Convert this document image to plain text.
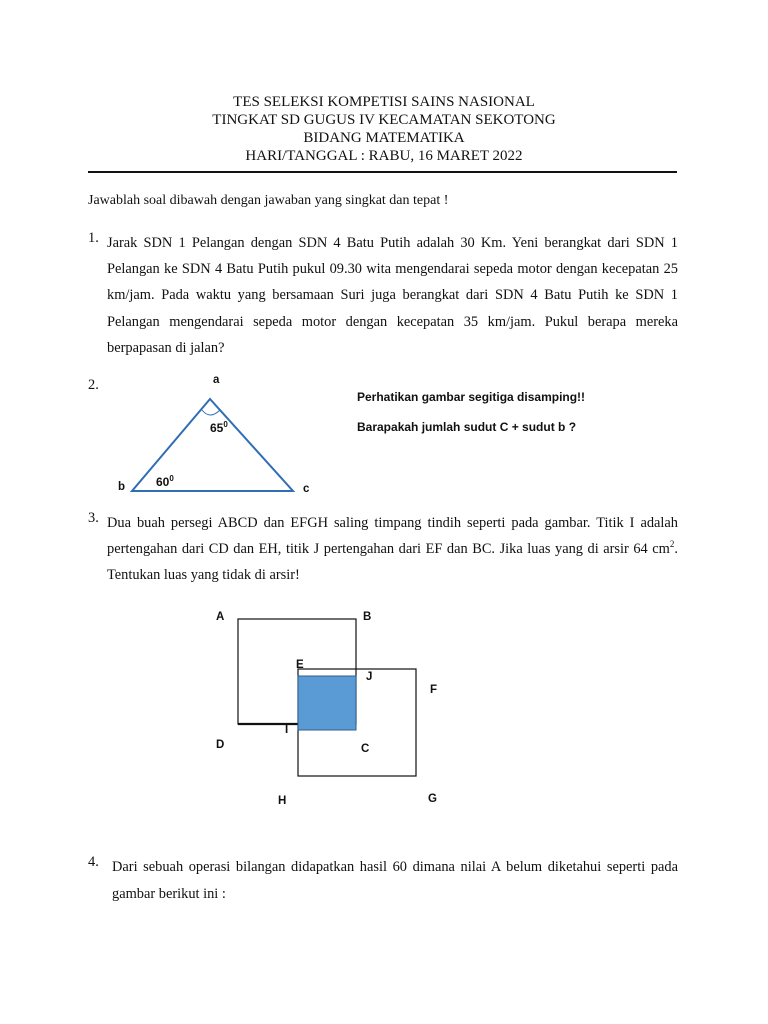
TES SELEKSI KOMPETISI SAINS NASIONAL
TINGKAT SD GUGUS IV KECAMATAN SEKOTONG
BIDANG MATEMATIKA
HARI/TANGGAL : RABU, 16 MARET 2022
Jawablah soal dibawah dengan jawaban yang singkat dan tepat !
1. Jarak SDN 1 Pelangan dengan SDN 4 Batu Putih adalah 30 Km. Yeni berangkat dari SDN 1 Pelangan ke SDN 4 Batu Putih pukul 09.30 wita mengendarai sepeda motor dengan kecepatan 25 km/jam. Pada waktu yang bersamaan Suri juga berangkat dari SDN 4 Batu Putih ke SDN 1 Pelangan mengendarai sepeda motor dengan kecepatan 35 km/jam. Pukul berapa mereka berpapasan di jalan?
2.	a
b	c
$65^0$
$60^0$
Perhatikan gambar segitiga disamping!!
Barapakah jumlah sudut C + sudut b ?
3. Dua buah persegi ABCD dan EFGH saling timpang tindih seperti pada gambar. Titik I adalah pertengahan dari CD dan EH, titik J pertengahan dari EF dan BC. Jika luas yang di arsir 64 $cm^2$. Tentukan luas yang tidak di arsir!
A	B
E
J
F
I
D	C
H	G
4. Dari sebuah operasi bilangan didapatkan hasil 60 dimana nilai A belum diketahui seperti pada gambar berikut ini :
